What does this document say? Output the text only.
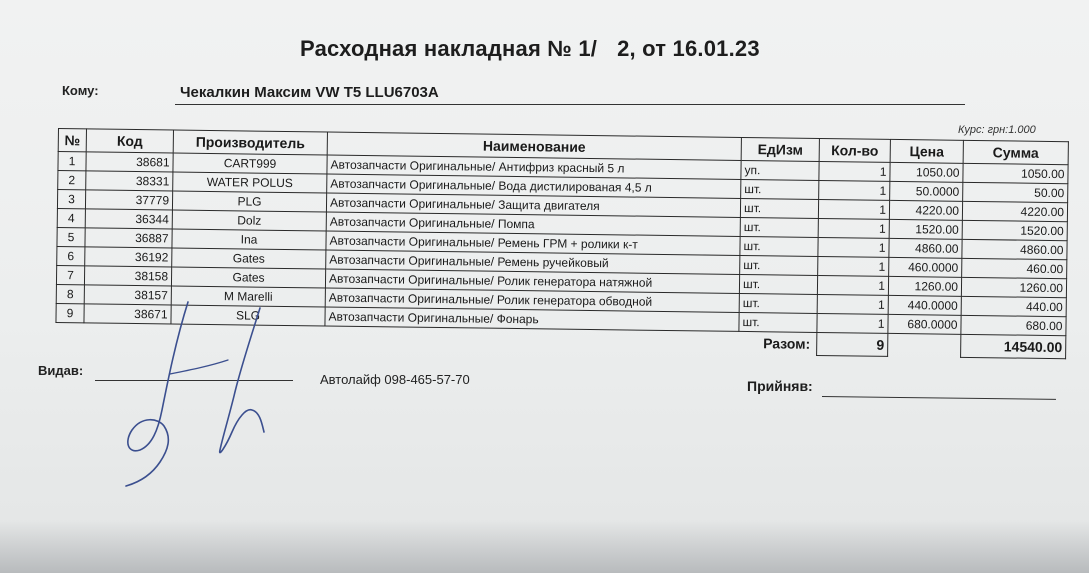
Расходная накладная № 1/ 2, от 16.01.23
Кому:	Чекалкин Максим VW T5 LLU6703A
Курс: грн:1.000
№	Код	Производитель	Наименование	ЕдИзм	Кол-во	Цена	Сумма
1	38681	CART999	Автозапчасти Оригинальные/ Антифриз красный 5 л	уп.	1	1050.00	1050.00
2	38331	WATER POLUS	Автозапчасти Оригинальные/ Вода дистилированая 4,5 л	шт.	1	50.0000	50.00
3	37779	PLG	Автозапчасти Оригинальные/ Защита двигателя	шт.	1	4220.00	4220.00
4	36344	Dolz	Автозапчасти Оригинальные/ Помпа	шт.	1	1520.00	1520.00
5	36887	Ina	Автозапчасти Оригинальные/ Ремень ГРМ + ролики к-т	шт.	1	4860.00	4860.00
6	36192	Gates	Автозапчасти Оригинальные/ Ремень ручейковый	шт.	1	460.0000	460.00
7	38158	Gates	Автозапчасти Оригинальные/ Ролик генератора натяжной	шт.	1	1260.00	1260.00
8	38157	M Marelli	Автозапчасти Оригинальные/ Ролик генератора обводной	шт.	1	440.0000	440.00
9	38671	SLG	Автозапчасти Оригинальные/ Фонарь	шт.	1	680.0000	680.00
				Разом:	9		14540.00
Видав:
Автолайф 098-465-57-70	Прийняв:
